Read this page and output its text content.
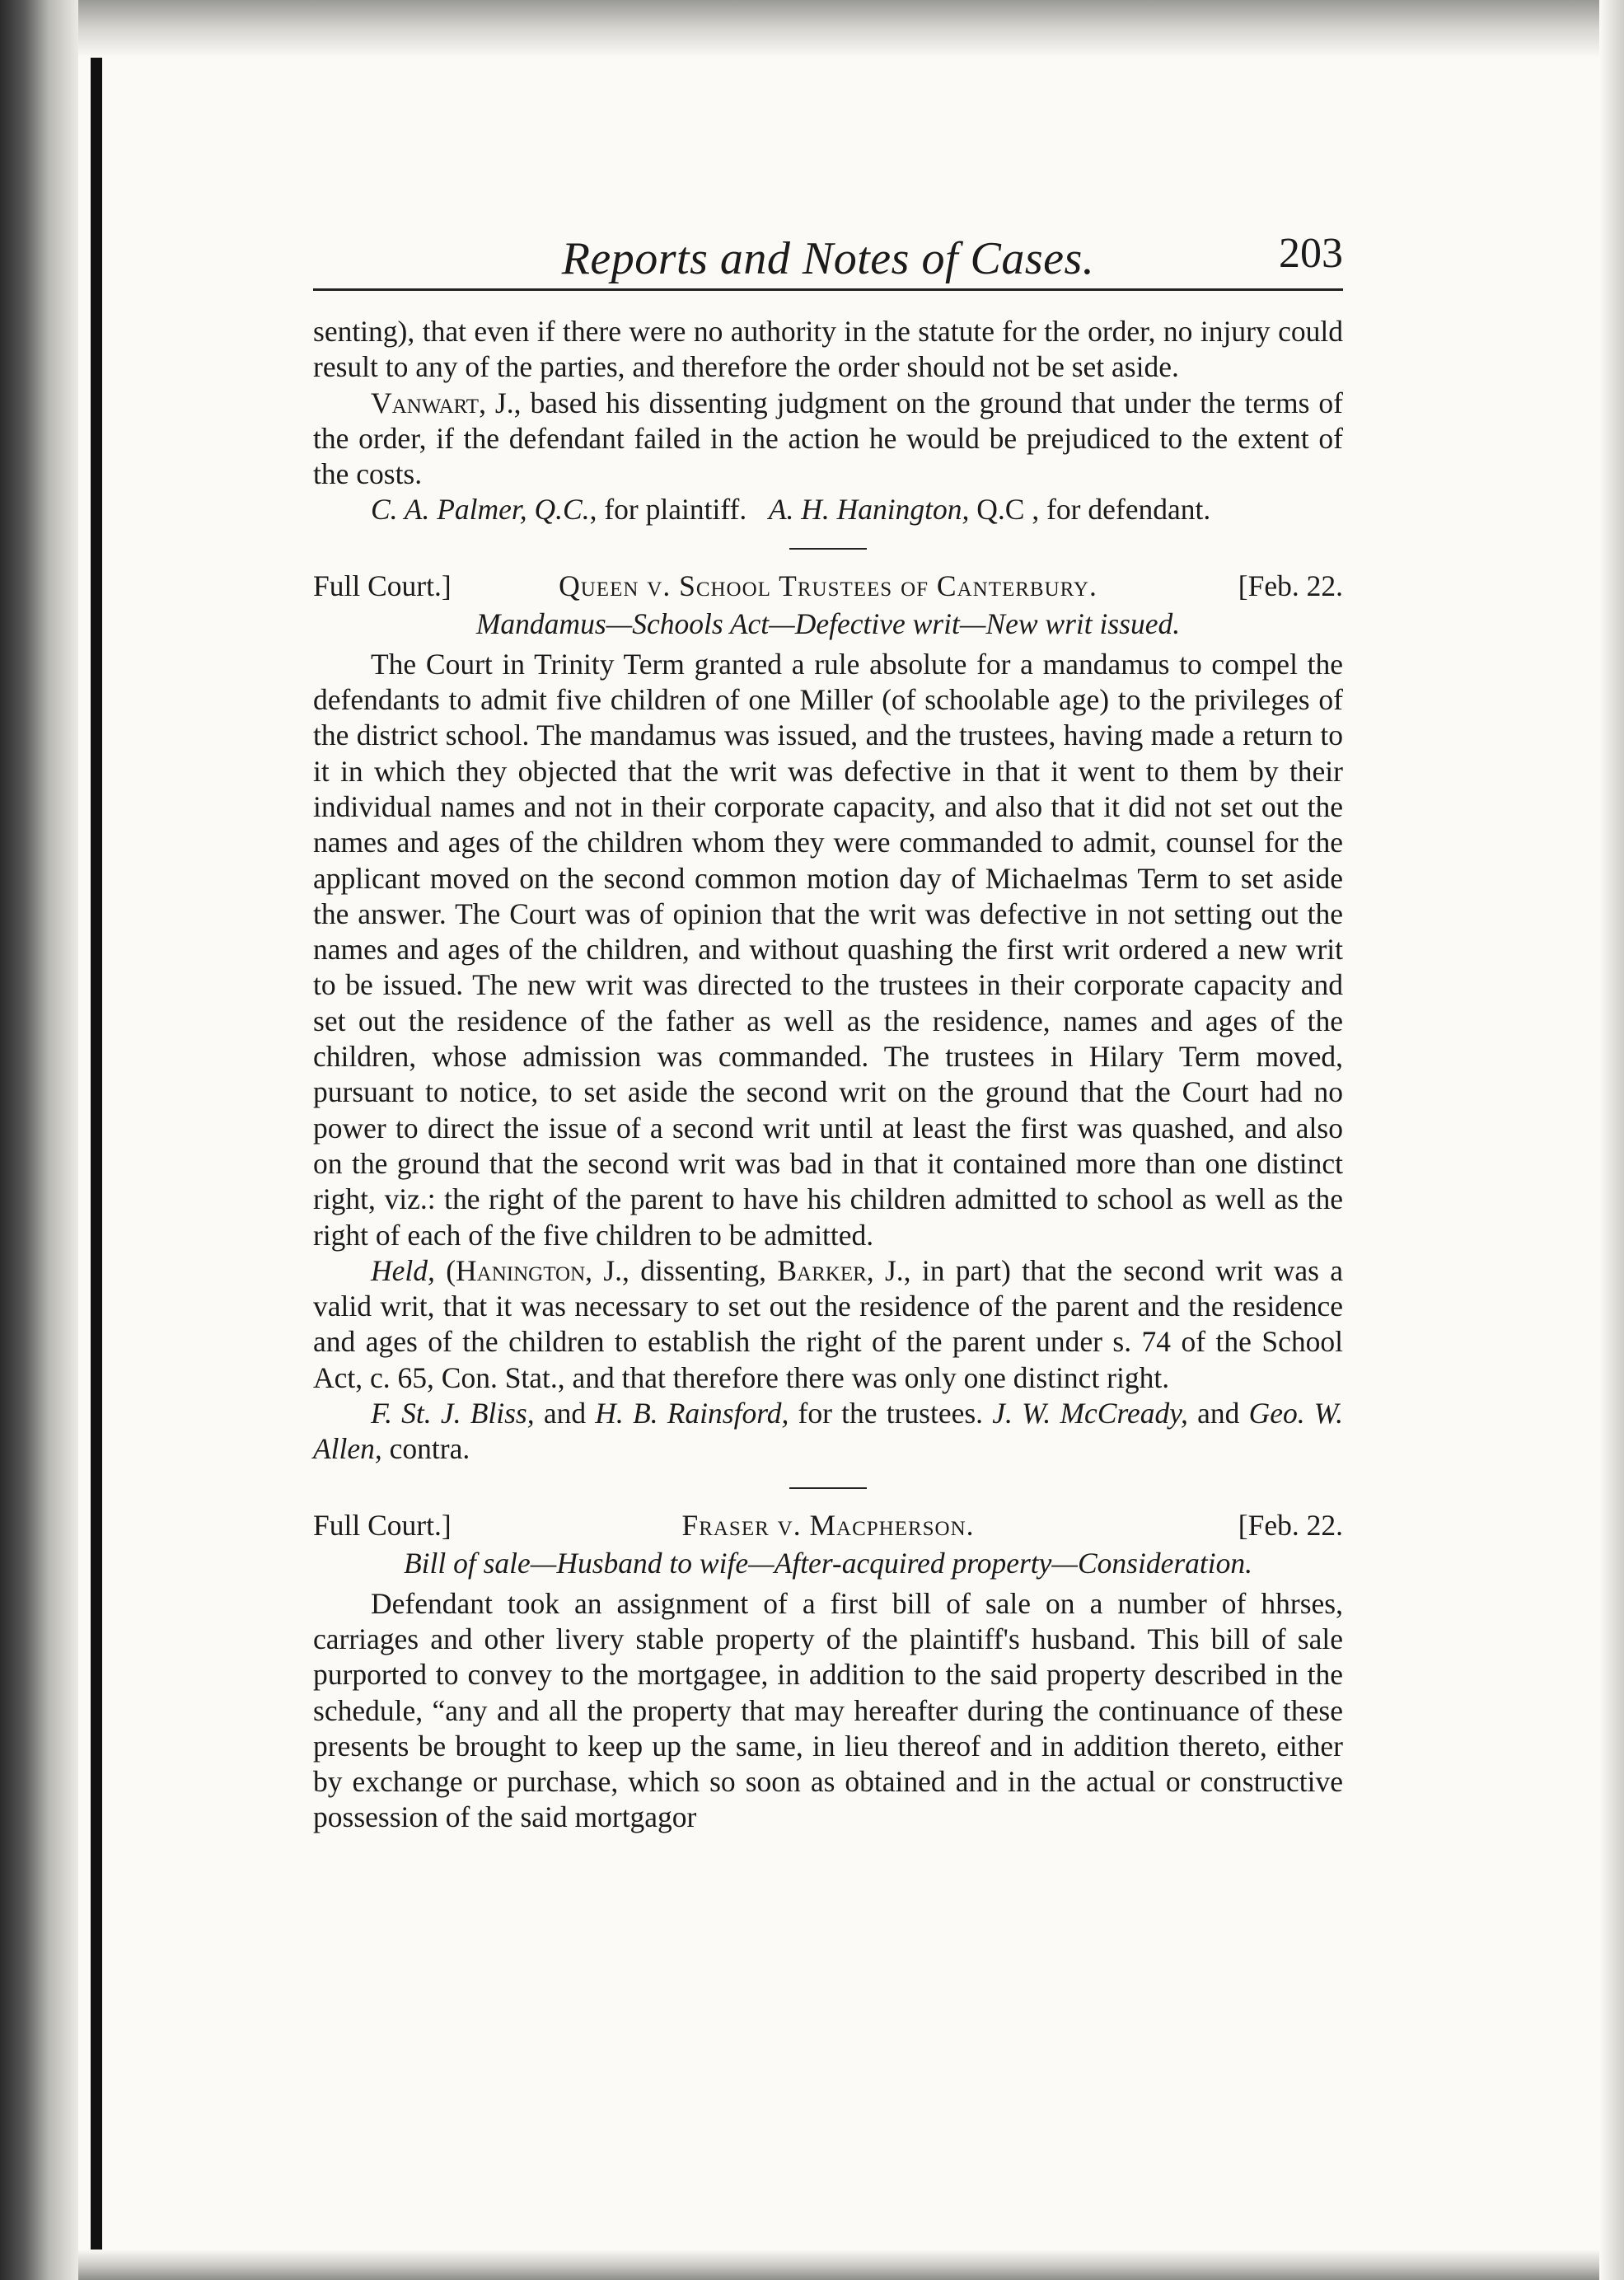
Reports and Notes of Cases.	203

senting), that even if there were no authority in the statute for the order, no injury could result to any of the parties, and therefore the order should not be set aside.

Vanwart, J., based his dissenting judgment on the ground that under the terms of the order, if the defendant failed in the action he would be prejudiced to the extent of the costs.

C. A. Palmer, Q.C., for plaintiff. A. H. Hanington, Q.C , for defendant.

Full Court.]	Queen v. School Trustees of Canterbury.	[Feb. 22.
Mandamus—Schools Act—Defective writ—New writ issued.

The Court in Trinity Term granted a rule absolute for a mandamus to compel the defendants to admit five children of one Miller (of schoolable age) to the privileges of the district school. The mandamus was issued, and the trustees, having made a return to it in which they objected that the writ was defective in that it went to them by their individual names and not in their corporate capacity, and also that it did not set out the names and ages of the children whom they were commanded to admit, counsel for the applicant moved on the second common motion day of Michaelmas Term to set aside the answer. The Court was of opinion that the writ was defective in not setting out the names and ages of the children, and without quashing the first writ ordered a new writ to be issued. The new writ was directed to the trustees in their corporate capacity and set out the residence of the father as well as the residence, names and ages of the children, whose admission was commanded. The trustees in Hilary Term moved, pursuant to notice, to set aside the second writ on the ground that the Court had no power to direct the issue of a second writ until at least the first was quashed, and also on the ground that the second writ was bad in that it contained more than one distinct right, viz.: the right of the parent to have his children admitted to school as well as the right of each of the five children to be admitted.

Held, (Hanington, J., dissenting, Barker, J., in part) that the second writ was a valid writ, that it was necessary to set out the residence of the parent and the residence and ages of the children to establish the right of the parent under s. 74 of the School Act, c. 65, Con. Stat., and that therefore there was only one distinct right.

F. St. J. Bliss, and H. B. Rainsford, for the trustees. J. W. McCready, and Geo. W. Allen, contra.

Full Court.]	Fraser v. Macpherson.	[Feb. 22.
Bill of sale—Husband to wife—After-acquired property—Consideration.

Defendant took an assignment of a first bill of sale on a number of hhrses, carriages and other livery stable property of the plaintiff's husband. This bill of sale purported to convey to the mortgagee, in addition to the said property described in the schedule, “any and all the property that may hereafter during the continuance of these presents be brought to keep up the same, in lieu thereof and in addition thereto, either by exchange or purchase, which so soon as obtained and in the actual or constructive possession of the said mortgagor
